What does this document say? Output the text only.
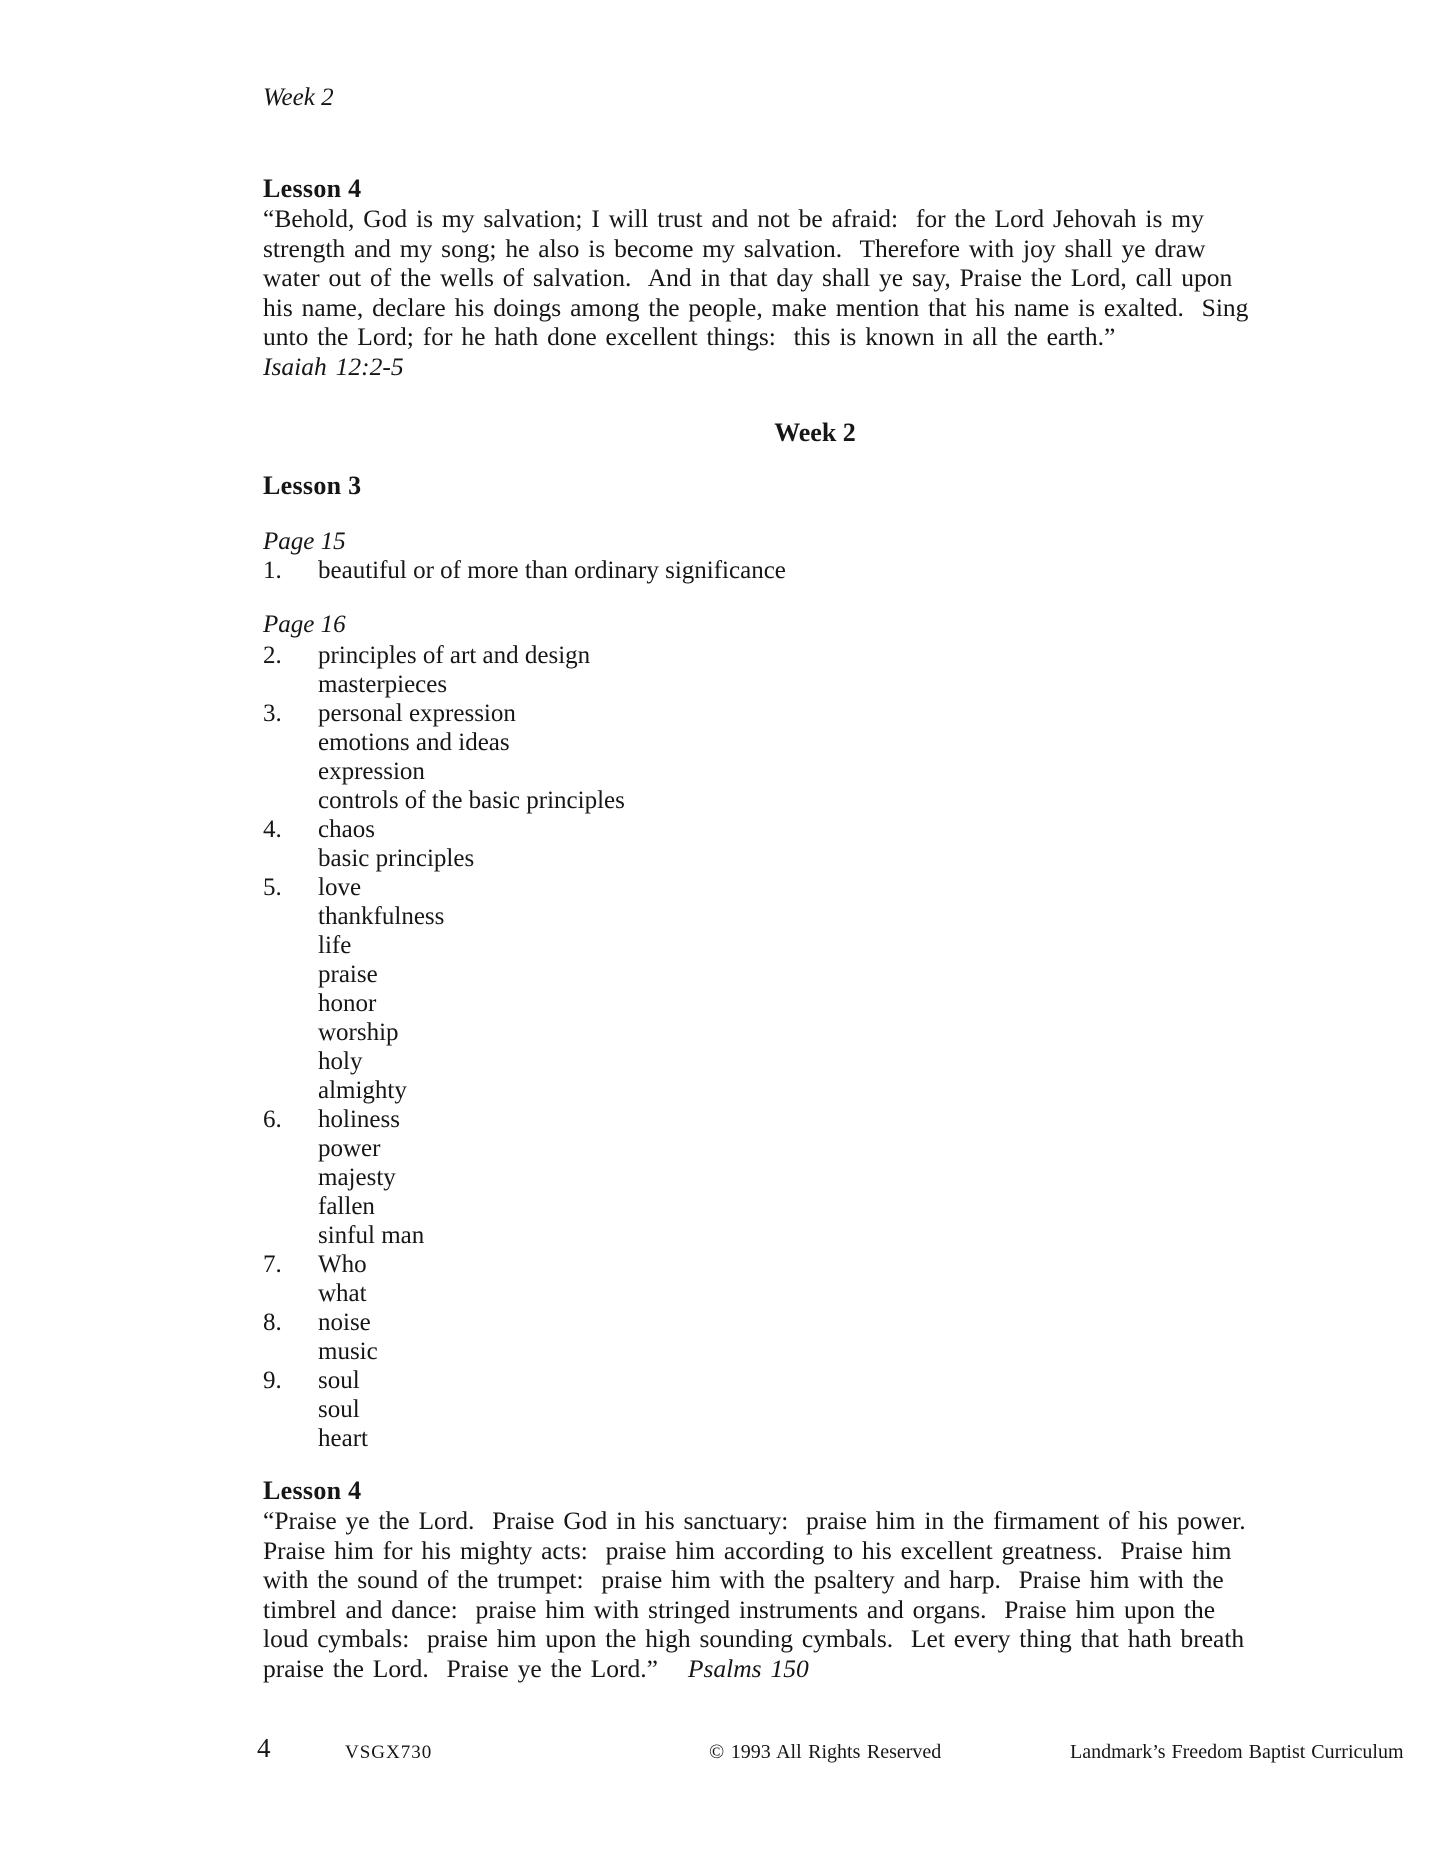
Week 2
Lesson 4
“Behold, God is my salvation; I will trust and not be afraid:  for the Lord Jehovah is my
strength and my song; he also is become my salvation.  Therefore with joy shall ye draw
water out of the wells of salvation.  And in that day shall ye say, Praise the Lord, call upon
his name, declare his doings among the people, make mention that his name is exalted.  Sing
unto the Lord; for he hath done excellent things:  this is known in all the earth.”
Isaiah 12:2-5
Week 2
Lesson 3
Page 15
1. beautiful or of more than ordinary significance
Page 16
2.	principles of art and design
masterpieces
3.	personal expression
emotions and ideas
expression
controls of the basic principles
4.	chaos
basic principles
5.	love
thankfulness
life
praise
honor
worship
holy
almighty
6.	holiness
power
majesty
fallen
sinful man
7.	Who
what
8.	noise
music
9.	soul
soul
heart
Lesson 4
“Praise ye the Lord.  Praise God in his sanctuary:  praise him in the firmament of his power.
Praise him for his mighty acts:  praise him according to his excellent greatness.  Praise him
with the sound of the trumpet:  praise him with the psaltery and harp.  Praise him with the
timbrel and dance:  praise him with stringed instruments and organs.  Praise him upon the
loud cymbals:  praise him upon the high sounding cymbals.  Let every thing that hath breath
praise the Lord.  Praise ye the Lord.” Psalms 150
4	VSGX730	© 1993 All Rights Reserved	Landmark’s Freedom Baptist Curriculum
